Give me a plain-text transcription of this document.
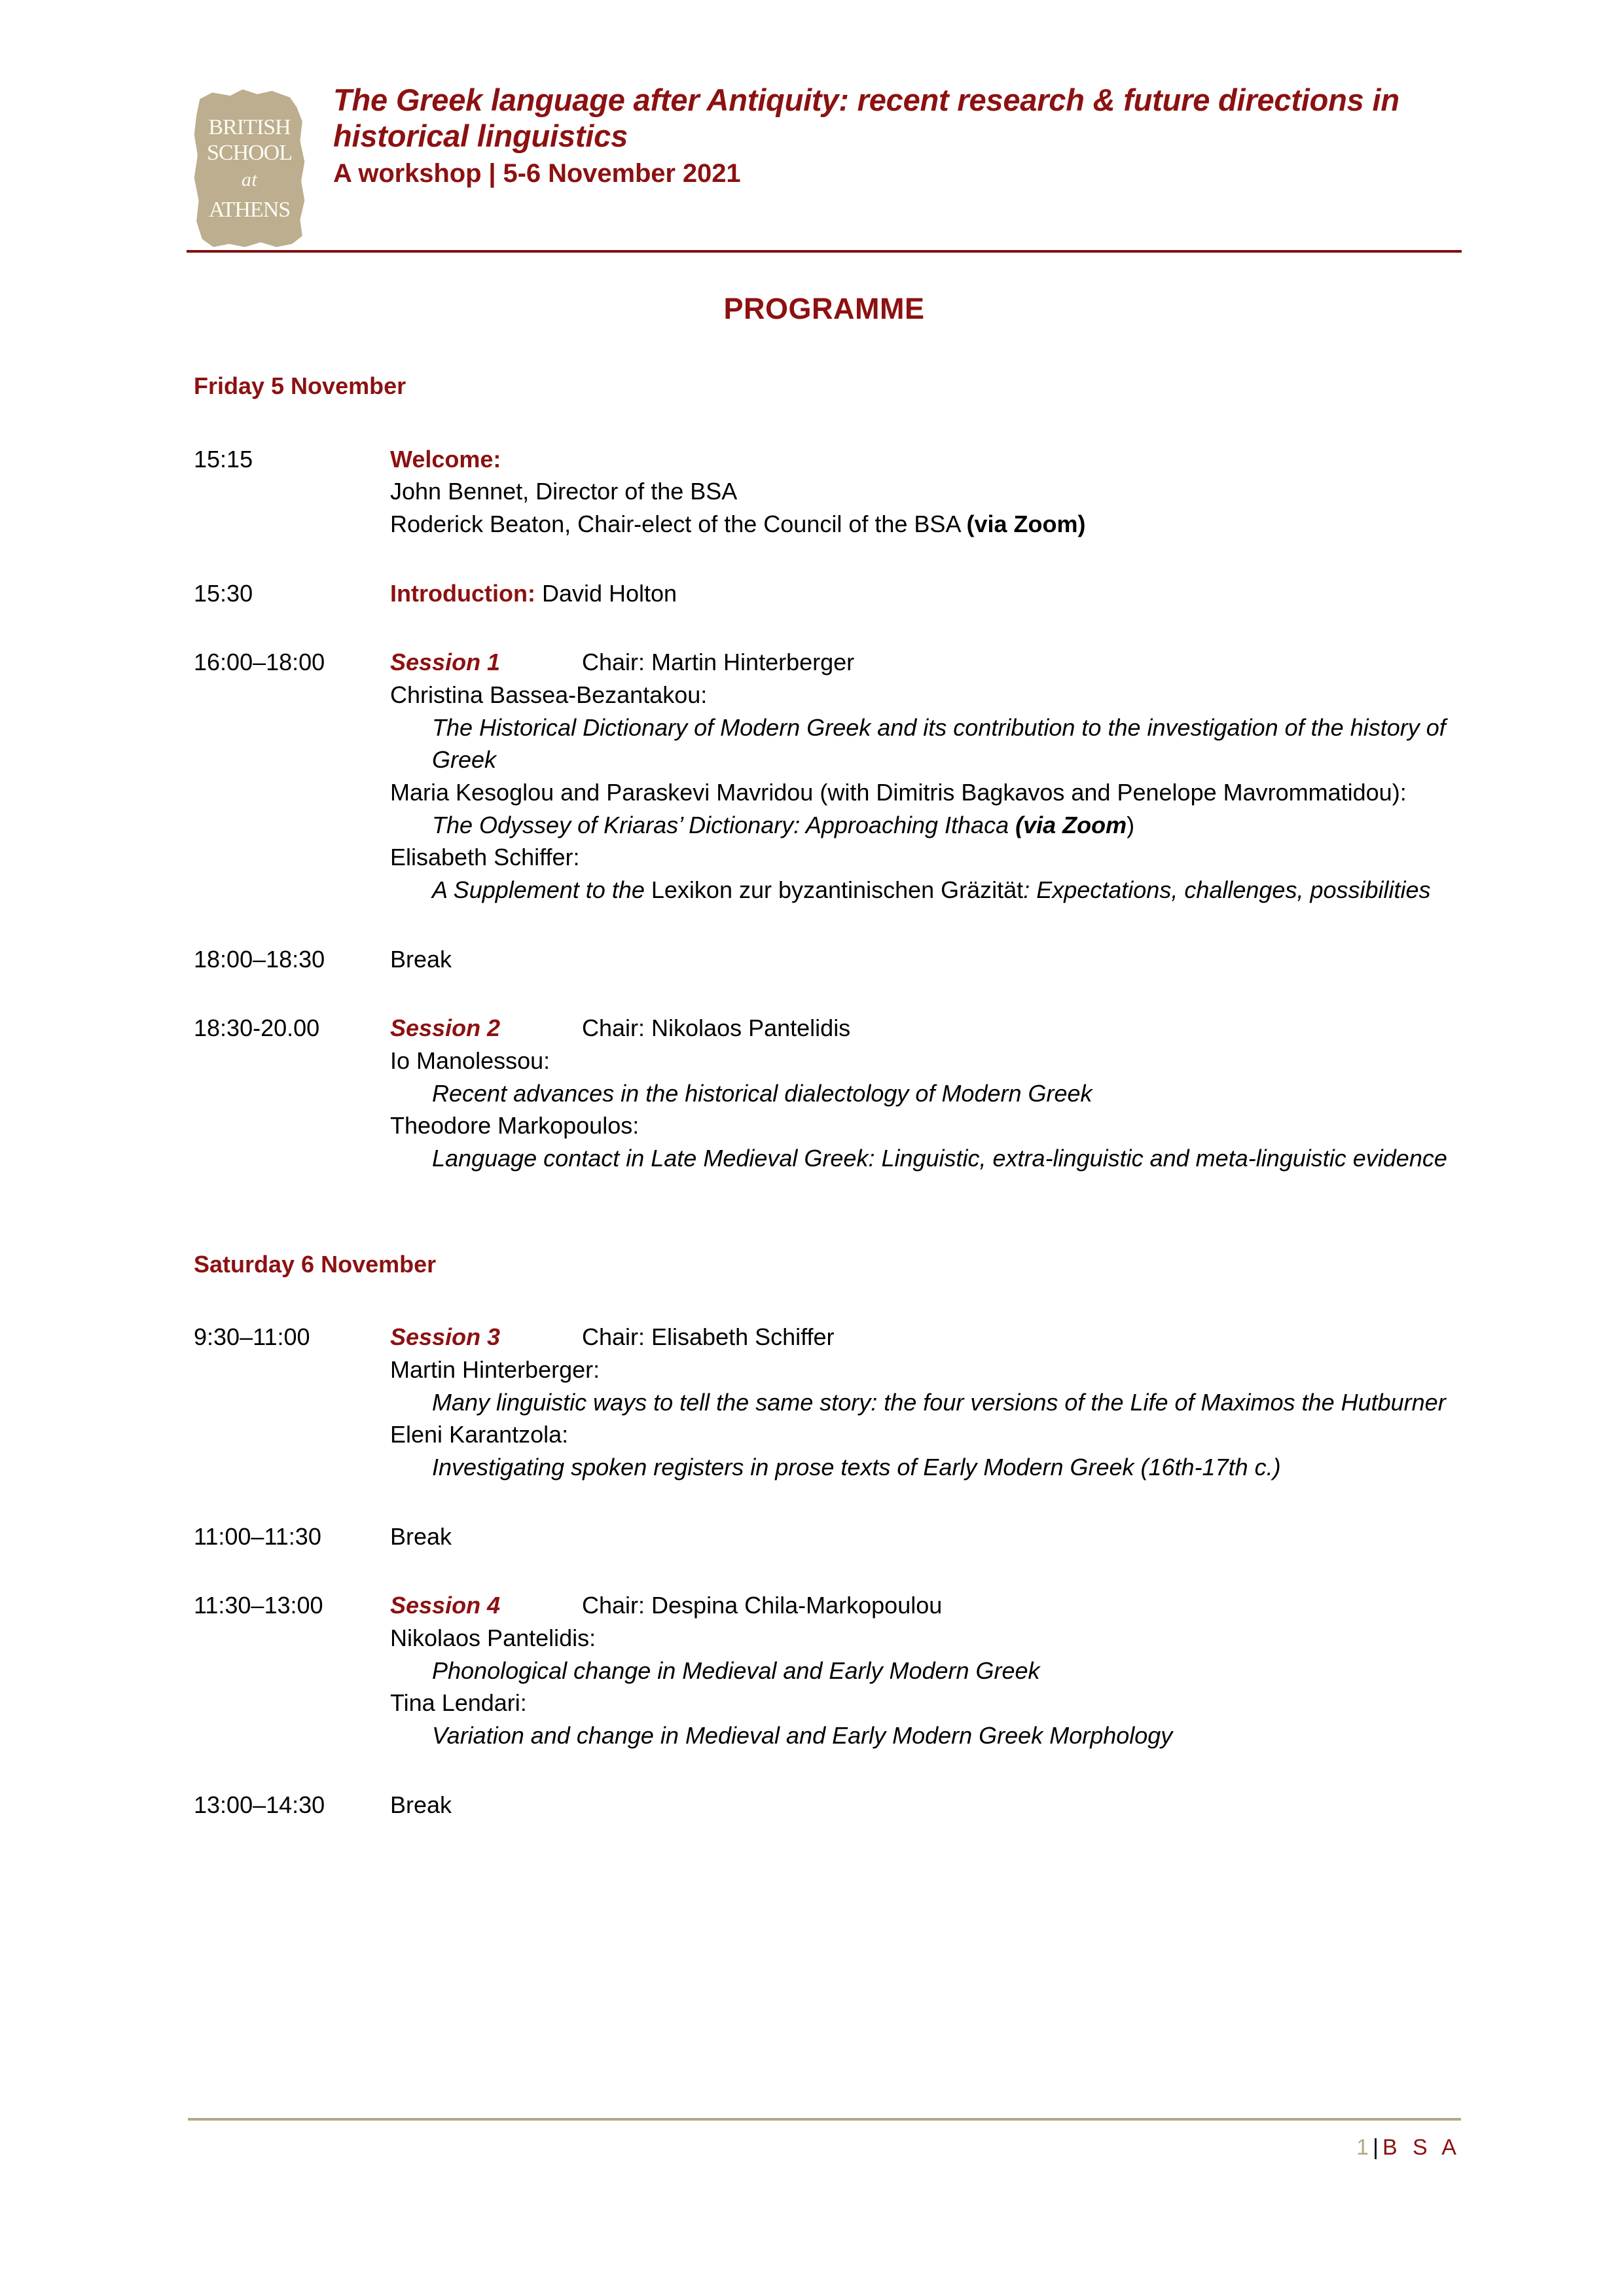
BRITISH
SCHOOL
at
ATHENS
The Greek language after Antiquity: recent research & future directions in historical linguistics
A workshop | 5-6 November 2021
PROGRAMME
Friday 5 November
15:15	Welcome:
John Bennet, Director of the BSA
Roderick Beaton, Chair-elect of the Council of the BSA (via Zoom)
15:30	Introduction: David Holton
16:00–18:00	Session 1	Chair: Martin Hinterberger
Christina Bassea-Bezantakou:
The Historical Dictionary of Modern Greek and its contribution to the investigation of the history of Greek
Maria Kesoglou and Paraskevi Mavridou (with Dimitris Bagkavos and Penelope Mavrommatidou):
The Odyssey of Kriaras’ Dictionary: Approaching Ithaca (via Zoom)
Elisabeth Schiffer:
A Supplement to the Lexikon zur byzantinischen Gräzität: Expectations, challenges, possibilities
18:00–18:30	Break
18:30-20.00	Session 2	Chair: Nikolaos Pantelidis
Io Manolessou:
Recent advances in the historical dialectology of Modern Greek
Theodore Markopoulos:
Language contact in Late Medieval Greek: Linguistic, extra-linguistic and meta-linguistic evidence
Saturday 6 November
9:30–11:00	Session 3	Chair: Elisabeth Schiffer
Martin Hinterberger:
Many linguistic ways to tell the same story: the four versions of the Life of Maximos the Hutburner
Eleni Karantzola:
Investigating spoken registers in prose texts of Early Modern Greek (16th-17th c.)
11:00–11:30	Break
11:30–13:00	Session 4	Chair: Despina Chila-Markopoulou
Nikolaos Pantelidis:
Phonological change in Medieval and Early Modern Greek
Tina Lendari:
Variation and change in Medieval and Early Modern Greek Morphology
13:00–14:30	Break
1 | B S A
